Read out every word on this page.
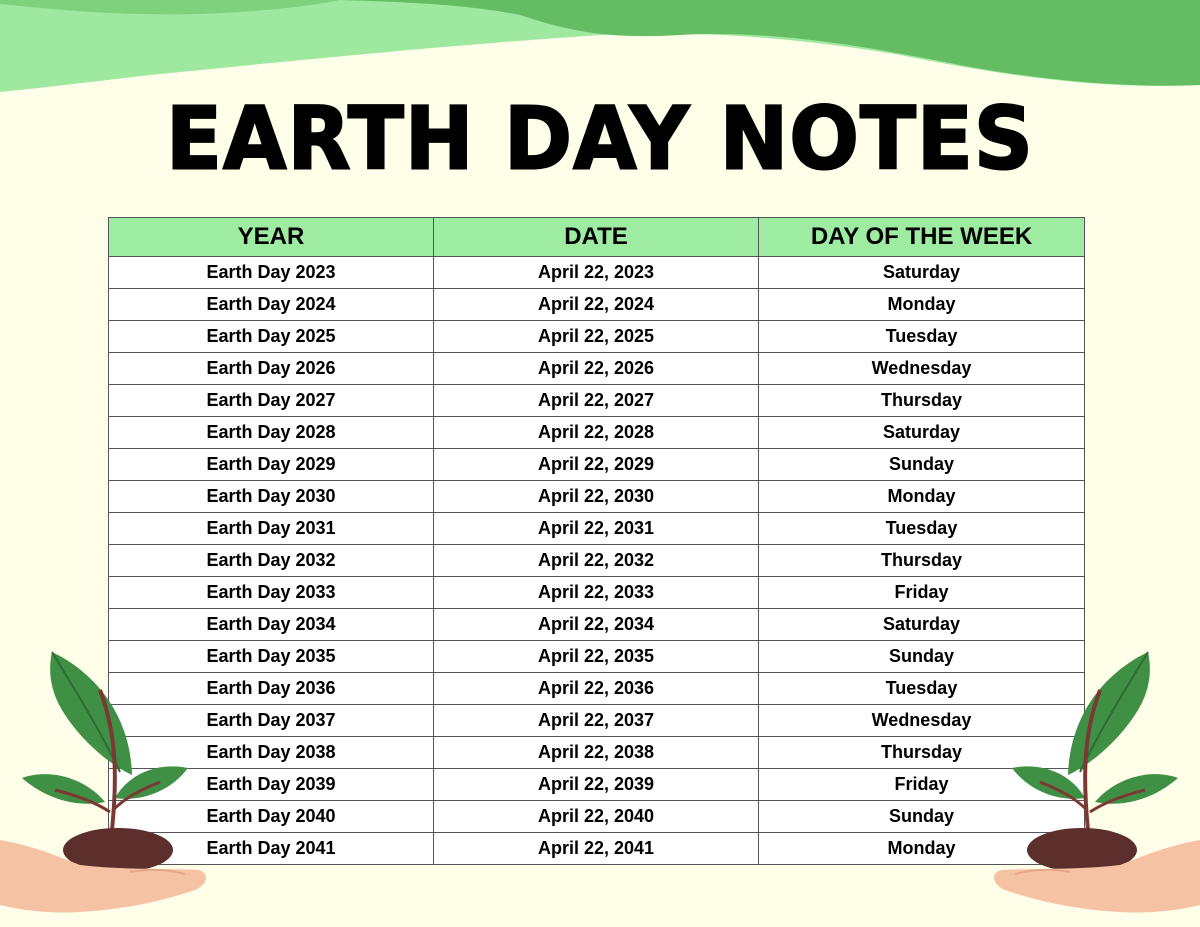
EARTH DAY NOTES
YEAR	DATE	DAY OF THE WEEK
Earth Day 2023	April 22, 2023	Saturday
Earth Day 2024	April 22, 2024	Monday
Earth Day 2025	April 22, 2025	Tuesday
Earth Day 2026	April 22, 2026	Wednesday
Earth Day 2027	April 22, 2027	Thursday
Earth Day 2028	April 22, 2028	Saturday
Earth Day 2029	April 22, 2029	Sunday
Earth Day 2030	April 22, 2030	Monday
Earth Day 2031	April 22, 2031	Tuesday
Earth Day 2032	April 22, 2032	Thursday
Earth Day 2033	April 22, 2033	Friday
Earth Day 2034	April 22, 2034	Saturday
Earth Day 2035	April 22, 2035	Sunday
Earth Day 2036	April 22, 2036	Tuesday
Earth Day 2037	April 22, 2037	Wednesday
Earth Day 2038	April 22, 2038	Thursday
Earth Day 2039	April 22, 2039	Friday
Earth Day 2040	April 22, 2040	Sunday
Earth Day 2041	April 22, 2041	Monday
